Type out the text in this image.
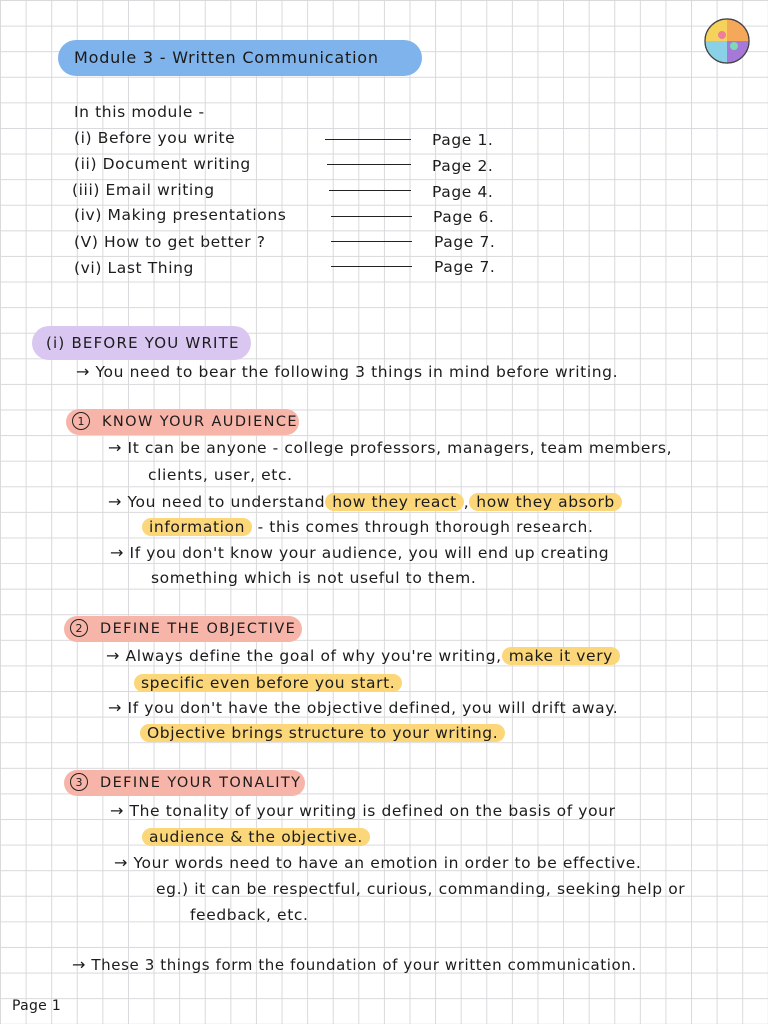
Module 3 - Written Communication
In this module -
(i) Before you write	Page 1.
(ii) Document writing	Page 2.
(iii) Email writing	Page 4.
(iv) Making presentations	Page 6.
(V) How to get better ?	Page 7.
(vi) Last Thing	Page 7.
(i) BEFORE YOU WRITE
→ You need to bear the following 3 things in mind before writing.
1	KNOW YOUR AUDIENCE
→ It can be anyone - college professors, managers, team members,
clients, user, etc.
→ You need to understand how they react , how they absorb
information - this comes through thorough research.
→ If you don't know your audience, you will end up creating
something which is not useful to them.
2	DEFINE THE OBJECTIVE
→ Always define the goal of why you're writing, make it very
specific even before you start.
→ If you don't have the objective defined, you will drift away.
Objective brings structure to your writing.
3	DEFINE YOUR TONALITY
→ The tonality of your writing is defined on the basis of your
audience & the objective.
→ Your words need to have an emotion in order to be effective.
eg.) it can be respectful, curious, commanding, seeking help or
feedback, etc.
→ These 3 things form the foundation of your written communication.
Page 1
